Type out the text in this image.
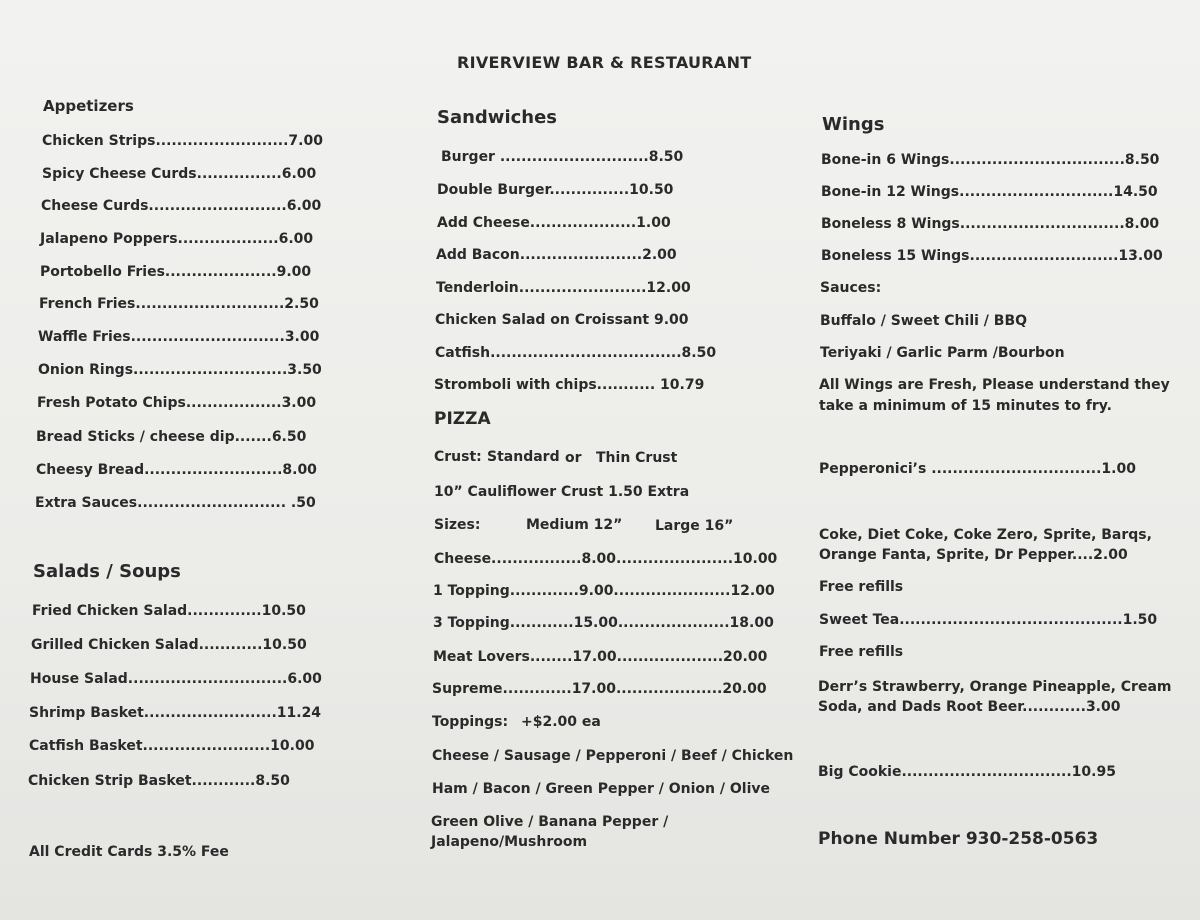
RIVERVIEW BAR & RESTAURANT
Appetizers
Chicken Strips.........................7.00
Spicy Cheese Curds................6.00
Cheese Curds..........................6.00
Jalapeno Poppers...................6.00
Portobello Fries.....................9.00
French Fries............................2.50
Waffle Fries.............................3.00
Onion Rings.............................3.50
Fresh Potato Chips..................3.00
Bread Sticks / cheese dip.......6.50
Cheesy Bread..........................8.00
Extra Sauces............................ .50
Salads / Soups
Fried Chicken Salad..............10.50
Grilled Chicken Salad............10.50
House Salad..............................6.00
Shrimp Basket.........................11.24
Catfish Basket........................10.00
Chicken Strip Basket............8.50
All Credit Cards 3.5% Fee
Sandwiches
Burger ............................8.50
Double Burger...............10.50
Add Cheese....................1.00
Add Bacon.......................2.00
Tenderloin........................12.00
Chicken Salad on Croissant 9.00
Catfish....................................8.50
Stromboli with chips........... 10.79
PIZZA
Crust: Standard or Thin Crust
10” Cauliflower Crust 1.50 Extra
Sizes:	Medium 12” Large 16”
Cheese.................8.00......................10.00
1 Topping.............9.00......................12.00
3 Topping............15.00.....................18.00
Meat Lovers........17.00....................20.00
Supreme.............17.00....................20.00
Toppings: +$2.00 ea
Cheese / Sausage / Pepperoni / Beef / Chicken
Ham / Bacon / Green Pepper / Onion / Olive
Green Olive / Banana Pepper /
Jalapeno/Mushroom
Wings
Bone-in 6 Wings.................................8.50
Bone-in 12 Wings.............................14.50
Boneless 8 Wings...............................8.00
Boneless 15 Wings............................13.00
Sauces:
Buffalo / Sweet Chili / BBQ
Teriyaki / Garlic Parm /Bourbon
All Wings are Fresh, Please understand they
take a minimum of 15 minutes to fry.
Pepperonici’s ................................1.00
Coke, Diet Coke, Coke Zero, Sprite, Barqs,
Orange Fanta, Sprite, Dr Pepper....2.00
Free refills
Sweet Tea..........................................1.50
Free refills
Derr’s Strawberry, Orange Pineapple, Cream
Soda, and Dads Root Beer............3.00
Big Cookie................................10.95
Phone Number 930-258-0563
